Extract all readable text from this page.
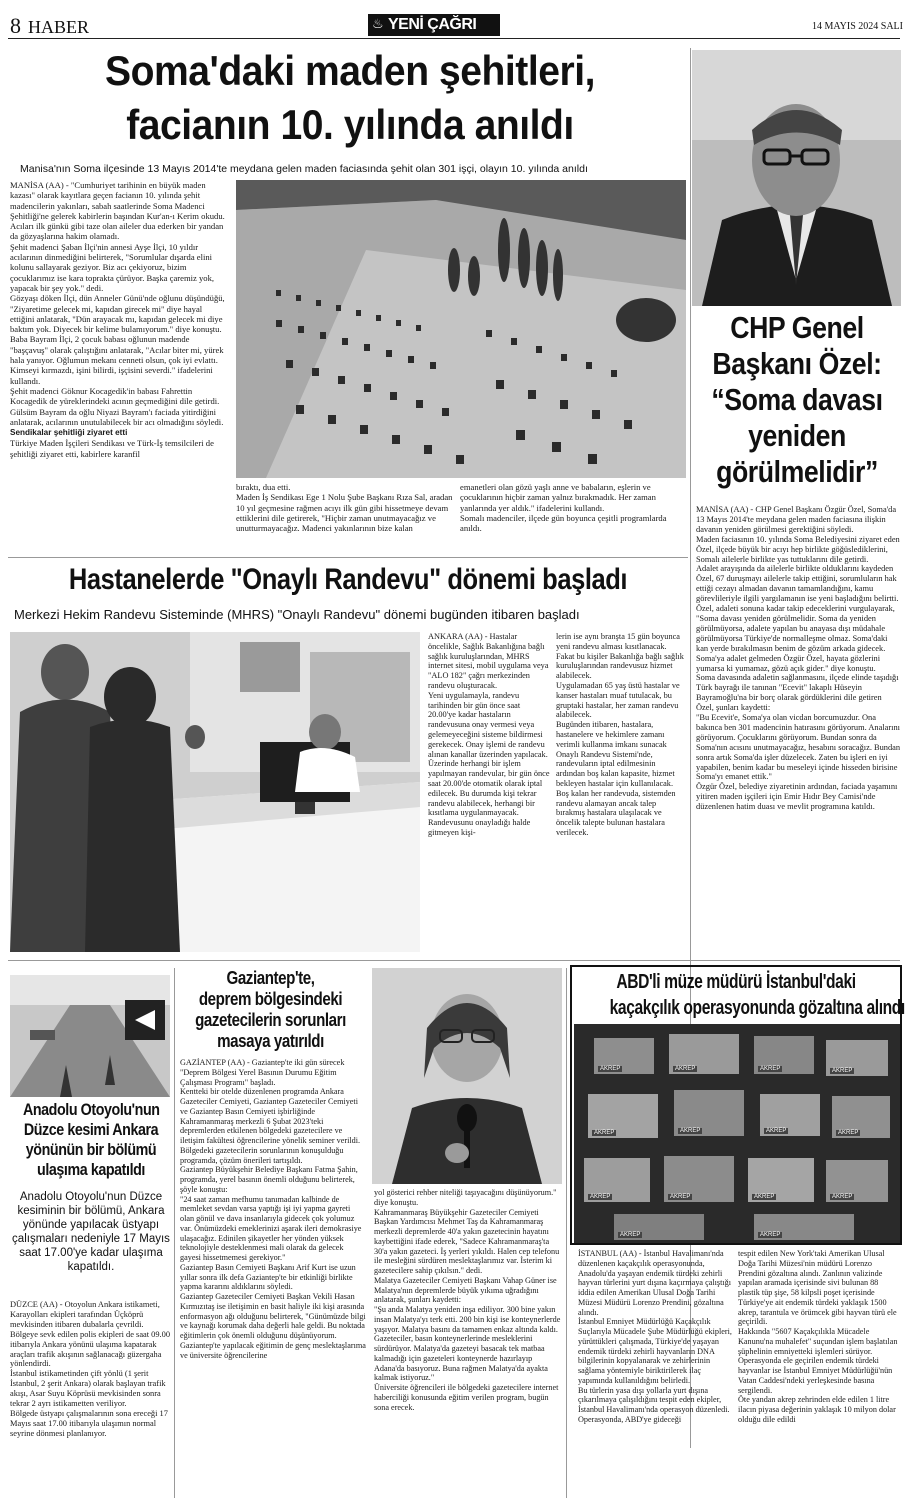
8 HABER	♨ YENİ ÇAĞRI	14 MAYIS 2024 SALI
Soma'daki maden şehitleri,
facianın 10. yılında anıldı
Manisa'nın Soma ilçesinde 13 Mayıs 2014'te meydana gelen maden faciasında şehit olan 301 işçi, olayın 10. yılında anıldı

MANİSA (AA) - "Cumhuriyet tarihinin en büyük maden kazası" olarak kayıtlara geçen facianın 10. yılında şehit madencilerin yakınları, sabah saatlerinde Soma Madenci Şehitliği'ne gelerek kabirlerin başından Kur'an-ı Kerim okudu.

Acıları ilk günkü gibi taze olan aileler dua ederken bir yandan da gözyaşlarına hakim olamadı.

Şehit madenci Şaban İlçi'nin annesi Ayşe İlçi, 10 yıldır acılarının dinmediğini belirterek, "Sorumlular dışarda elini kolunu sallayarak geziyor. Biz acı çekiyoruz, bizim çocuklarımız ise kara toprakta çürüyor. Başka çaremiz yok, yapacak bir şey yok." dedi.

Gözyaşı döken İlçi, dün Anneler Günü'nde oğlunu düşündüğü, "Ziyaretime gelecek mi, kapıdan girecek mi" diye hayal ettiğini anlatarak, "Dün arayacak mı, kapıdan gelecek mi diye baktım yok. Diyecek bir kelime bulamıyorum." diye konuştu.

Baba Bayram İlçi, 2 çocuk babası oğlunun madende "başçavuş" olarak çalıştığını anlatarak, "Acılar biter mi, yürek hala yanıyor. Oğlumun mekanı cenneti olsun, çok iyi evlattı. Kimseyi kırmazdı, işini bilirdi, işçisini severdi." ifadelerini kullandı.

Şehit madenci Göknur Kocagedik'in babası Fahrettin Kocagedik de yüreklerindeki acının geçmediğini dile getirdi.

Gülsüm Bayram da oğlu Niyazi Bayram'ı faciada yitirdiğini anlatarak, acılarının unutulabilecek bir acı olmadığını söyledi.

Sendikalar şehitliği ziyaret etti

Türkiye Maden İşçileri Sendikası ve Türk-İş temsilcileri de şehitliği ziyaret etti, kabirlere karanfil

bıraktı, dua etti.
Maden İş Sendikası Ege 1 Nolu Şube Başkanı Rıza Sal, aradan 10 yıl geçmesine rağmen acıyı ilk gün gibi hissetmeye devam ettiklerini dile getirerek, "Hiçbir zaman unutmayacağız ve unutturmayacağız. Madenci yakınlarının bize kalan
emanetleri olan gözü yaşlı anne ve babaların, eşlerin ve çocuklarının hiçbir zaman yalnız bırakmadık. Her zaman yanlarında yer aldık." ifadelerini kullandı.
Somalı madenciler, ilçede gün boyunca çeşitli programlarda anıldı.
CHP Genel
Başkanı Özel:
“Soma davası
yeniden
görülmelidir”
MANİSA (AA) - CHP Genel Başkanı Özgür Özel, Soma'da 13 Mayıs 2014'te meydana gelen maden faciasına ilişkin davanın yeniden görülmesi gerektiğini söyledi.
Maden faciasının 10. yılında Soma Belediyesini ziyaret eden Özel, ilçede büyük bir acıyı hep birlikte göğüslediklerini, Somalı ailelerle birlikte yas tuttuklarını dile getirdi.
Adalet arayışında da ailelerle birlikte olduklarını kaydeden Özel, 67 duruşmayı ailelerle takip ettiğini, sorumluların hak ettiği cezayı almadan davanın tamamlandığını, kamu görevlileriyle ilgili yargılamanın ise yeni başladığını belirtti.
Özel, adaleti sonuna kadar takip edeceklerini vurgulayarak, "Soma davası yeniden görülmelidir. Soma da yeniden görülmüyorsa, adalete yapılan bu anayasa dışı müdahale görülmüyorsa Türkiye'de normalleşme olmaz. Soma'daki kan yerde bırakılmasın benim de gözüm arkada gidecek. Soma'ya adalet gelmeden Özgür Özel, hayata gözlerini yumarsa ki yumamaz, gözü açık gider." diye konuştu.
Soma davasında adaletin sağlanmasını, ilçede elinde taşıdığı Türk bayrağı ile tanınan "Ecevit" lakaplı Hüseyin Bayramoğlu'na bir borç olarak gördüklerini dile getiren Özel, şunları kaydetti:
"Bu Ecevit'e, Soma'ya olan vicdan borcumuzdur. Ona bakınca ben 301 madencinin hatırasını görüyorum. Analarını görüyorum. Çocuklarını görüyorum. Bundan sonra da Soma'nın acısını unutmayacağız, hesabını soracağız. Bundan sonra artık Soma'da işler düzelecek. Zaten bu işleri en iyi yapabilen, benim kadar bu meseleyi içinde hisseden birisine Soma'yı emanet ettik."
Özgür Özel, belediye ziyaretinin ardından, faciada yaşamını yitiren maden işçileri için Emir Hıdır Bey Camisi'nde düzenlenen hatim duası ve mevlit programına katıldı.
Hastanelerde "Onaylı Randevu" dönemi başladı
Merkezi Hekim Randevu Sisteminde (MHRS) "Onaylı Randevu" dönemi bugünden itibaren başladı
ANKARA (AA) - Hastalar öncelikle, Sağlık Bakanlığına bağlı sağlık kuruluşlarından, MHRS internet sitesi, mobil uygulama veya "ALO 182" çağrı merkezinden randevu oluşturacak.
Yeni uygulamayla, randevu tarihinden bir gün önce saat 20.00'ye kadar hastaların randevusuna onay vermesi veya gelemeyeceğini sisteme bildirmesi gerekecek. Onay işlemi de randevu alınan kanallar üzerinden yapılacak.
Üzerinde herhangi bir işlem yapılmayan randevular, bir gün önce saat 20.00'de otomatik olarak iptal edilecek. Bu durumda kişi tekrar randevu alabilecek, herhangi bir kısıtlama uygulanmayacak.
Randevusunu onayladığı halde gitmeyen kişi-
lerin ise aynı branşta 15 gün boyunca yeni randevu alması kısıtlanacak. Fakat bu kişiler Bakanlığa bağlı sağlık kuruluşlarından randevusuz hizmet alabilecek.
Uygulamadan 65 yaş üstü hastalar ve kanser hastaları muaf tutulacak, bu gruptaki hastalar, her zaman randevu alabilecek.
Bugünden itibaren, hastalara, hastanelere ve hekimlere zamanı verimli kullanma imkanı sunacak Onaylı Randevu Sistemi'nde, randevuların iptal edilmesinin ardından boş kalan kapasite, hizmet bekleyen hastalar için kullanılacak.
Boş kalan her randevuda, sistemden randevu alamayan ancak talep bırakmış hastalara ulaşılacak ve öncelik talepte bulunan hastalara verilecek.
Anadolu Otoyolu'nun
Düzce kesimi Ankara
yönünün bir bölümü
ulaşıma kapatıldı
Anadolu Otoyolu'nun Düzce kesiminin bir bölümü, Ankara yönünde yapılacak üstyapı çalışmaları nedeniyle 17 Mayıs saat 17.00'ye kadar ulaşıma kapatıldı.
DÜZCE (AA) - Otoyolun Ankara istikameti, Karayolları ekipleri tarafından Üçköprü mevkisinden itibaren dubalarla çevrildi.
Bölgeye sevk edilen polis ekipleri de saat 09.00 itibarıyla Ankara yönünü ulaşıma kapatarak araçları trafik akışının sağlanacağı güzergaha yönlendirdi.
İstanbul istikametinden çift yönlü (1 şerit İstanbul, 2 şerit Ankara) olarak başlayan trafik akışı, Asar Suyu Köprüsü mevkisinden sonra tekrar 2 ayrı istikametten veriliyor.
Bölgede üstyapı çalışmalarının sona ereceği 17 Mayıs saat 17.00 itibarıyla ulaşımın normal seyrine dönmesi planlanıyor.
Gaziantep'te,
deprem bölgesindeki
gazetecilerin sorunları
masaya yatırıldı
GAZİANTEP (AA) - Gaziantep'te iki gün sürecek "Deprem Bölgesi Yerel Basının Durumu Eğitim Çalışması Programı" başladı.
Kentteki bir otelde düzenlenen programda Ankara Gazeteciler Cemiyeti, Gaziantep Gazeteciler Cemiyeti ve Gaziantep Basın Cemiyeti işbirliğinde Kahramanmaraş merkezli 6 Şubat 2023'teki depremlerden etkilenen bölgedeki gazetecilere ve iletişim fakültesi öğrencilerine yönelik seminer verildi.
Bölgedeki gazetecilerin sorunlarının konuşulduğu programda, çözüm önerileri tartışıldı.
Gaziantep Büyükşehir Belediye Başkanı Fatma Şahin, programda, yerel basının önemli olduğunu belirterek, şöyle konuştu:
"24 saat zaman mefhumu tanımadan kalbinde de memleket sevdan varsa yaptığı işi iyi yapma gayreti olan gönül ve dava insanlarıyla gidecek çok yolumuz var. Önümüzdeki emeklerinizi aşarak ileri demokrasiye ulaşacağız. Edinilen şikayetler her yönden yüksek teknolojiyle desteklenmesi mali olarak da gelecek gayesi hissetmemesi gerekiyor."
Gaziantep Basın Cemiyeti Başkanı Arif Kurt ise uzun yıllar sonra ilk defa Gaziantep'te bir etkinliği birlikte yapma kararını aldıklarını söyledi.
Gaziantep Gazeteciler Cemiyeti Başkan Vekili Hasan Kırmızıtaş ise iletişimin en basit haliyle iki kişi arasında enformasyon ağı olduğunu belirterek, "Günümüzde bilgi ve kaynağı korumak daha değerli hale geldi. Bu noktada eğitimlerin çok önemli olduğunu düşünüyorum. Gaziantep'te yapılacak eğitimin de genç meslektaşlarıma ve üniversite öğrencilerine
yol gösterici rehber niteliği taşıyacağını düşünüyorum." diye konuştu.
Kahramanmaraş Büyükşehir Gazeteciler Cemiyeti Başkan Yardımcısı Mehmet Taş da Kahramanmaraş merkezli depremlerde 40'a yakın gazetecinin hayatını kaybettiğini ifade ederek, "Sadece Kahramanmaraş'ta 30'a yakın gazeteci. İş yerleri yıkıldı. Halen cep telefonu ile mesleğini sürdüren meslektaşlarımız var. İsterim ki gazetecilere sahip çıkılsın." dedi.
Malatya Gazeteciler Cemiyeti Başkanı Vahap Güner ise Malatya'nın depremlerde büyük yıkıma uğradığını anlatarak, şunları kaydetti:
"Şu anda Malatya yeniden inşa ediliyor. 300 bine yakın insan Malatya'yı terk etti. 200 bin kişi ise konteynerlerde yaşıyor. Malatya basını da tamamen enkaz altında kaldı. Gazeteciler, basın konteynerlerinde mesleklerini sürdürüyor. Malatya'da gazeteyi basacak tek matbaa kalmadığı için gazeteleri konteynerde hazırlayıp Adana'da basıyoruz. Buna rağmen Malatya'da ayakta kalmak istiyoruz."
Üniversite öğrencileri ile bölgedeki gazetecilere internet haberciliği konusunda eğitim verilen program, bugün sona erecek.
ABD'li müze müdürü İstanbul'daki
kaçakçılık operasyonunda gözaltına alındı
AKREP	AKREP	AKREP	AKREP
AKREP	AKREP	AKREP	AKREP
AKREP	AKREP	AKREP	AKREP
AKREP	AKREP
İSTANBUL (AA) - İstanbul Havalimanı'nda düzenlenen kaçakçılık operasyonunda, Anadolu'da yaşayan endemik türdeki zehirli hayvan türlerini yurt dışına kaçırmaya çalıştığı iddia edilen Amerikan Ulusal Doğa Tarihi Müzesi Müdürü Lorenzo Prendini, gözaltına alındı.
İstanbul Emniyet Müdürlüğü Kaçakçılık Suçlarıyla Mücadele Şube Müdürlüğü ekipleri, yürüttükleri çalışmada, Türkiye'de yaşayan endemik türdeki zehirli hayvanların DNA bilgilerinin kopyalanarak ve zehirlerinin sağlama yöntemiyle biriktirilerek ilaç yapımında kullanıldığını belirledi.
Bu türlerin yasa dışı yollarla yurt dışına çıkarılmaya çalışıldığını tespit eden ekipler, İstanbul Havalimanı'nda operasyon düzenledi.
Operasyonda, ABD'ye gideceği
tespit edilen New York'taki Amerikan Ulusal Doğa Tarihi Müzesi'nin müdürü Lorenzo Prendini gözaltına alındı. Zanlının valizinde yapılan aramada içerisinde sivi bulunan 88 plastik tüp şişe, 58 kilpsli poşet içerisinde Türkiye'ye ait endemik türdeki yaklaşık 1500 akrep, tarantula ve örümcek gibi hayvan türü ele geçirildi.
Hakkında "5607 Kaçakçılıkla Mücadele Kanunu'na muhalefet" suçundan işlem başlatılan şüphelinin emniyetteki işlemleri sürüyor.
Operasyonda ele geçirilen endemik türdeki hayvanlar ise İstanbul Emniyet Müdürlüğü'nün Vatan Caddesi'ndeki yerleşkesinde basına sergilendi.
Öte yandan akrep zehrinden elde edilen 1 litre ilacın piyasa değerinin yaklaşık 10 milyon dolar olduğu dile edildi
